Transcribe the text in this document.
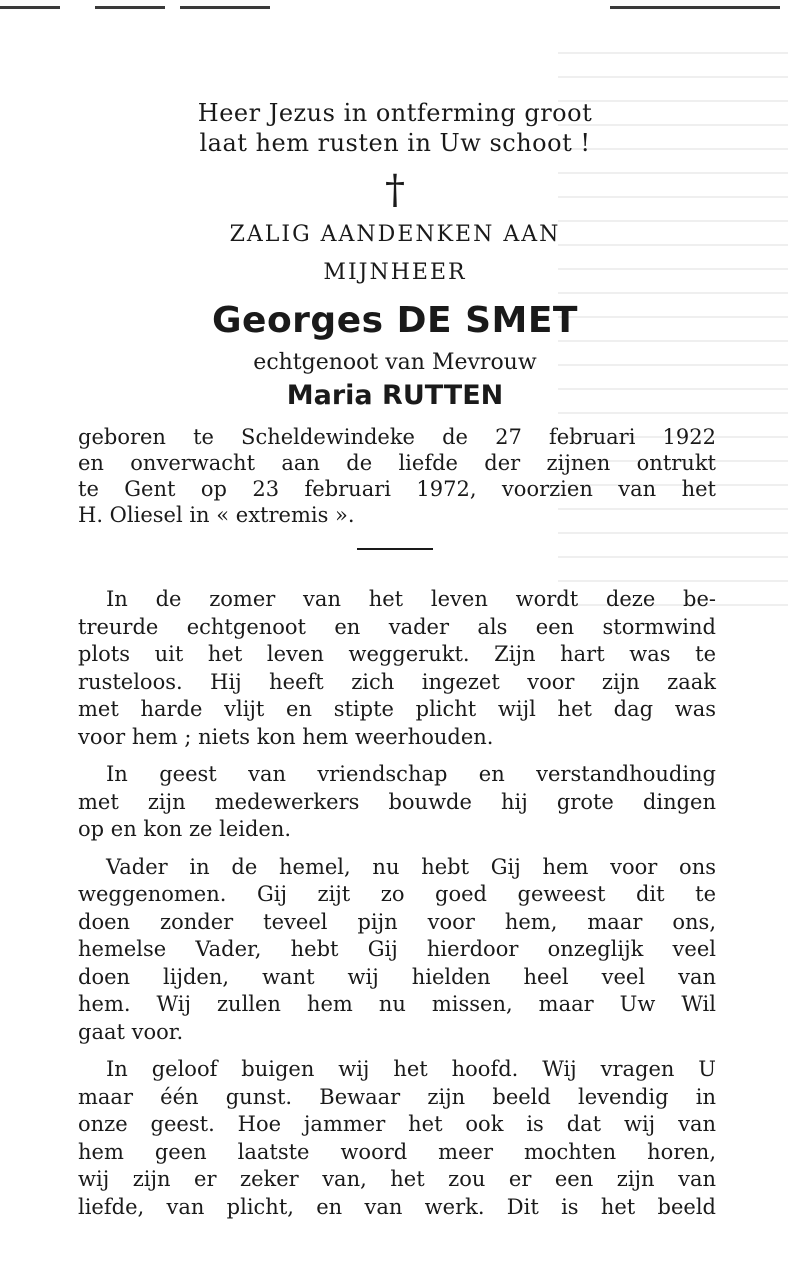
Heer Jezus in ontferming groot

laat hem rusten in Uw schoot !

†
ZALIG AANDENKEN AAN
MIJNHEER
Georges DE SMET
echtgenoot van Mevrouw
Maria RUTTEN

geboren te Scheldewindeke de 27 februari 1922

en onverwacht aan de liefde der zijnen ontrukt

te Gent op 23 februari 1972, voorzien van het

H. Oliesel in « extremis ».

In de zomer van het leven wordt deze be-
treurde echtgenoot en vader als een stormwind
plots uit het leven weggerukt. Zijn hart was te
rusteloos. Hij heeft zich ingezet voor zijn zaak
met harde vlijt en stipte plicht wijl het dag was
voor hem ; niets kon hem weerhouden.
In geest van vriendschap en verstandhouding
met zijn medewerkers bouwde hij grote dingen
op en kon ze leiden.
Vader in de hemel, nu hebt Gij hem voor ons
weggenomen. Gij zijt zo goed geweest dit te
doen zonder teveel pijn voor hem, maar ons,
hemelse Vader, hebt Gij hierdoor onzeglijk veel
doen lijden, want wij hielden heel veel van
hem. Wij zullen hem nu missen, maar Uw Wil
gaat voor.
In geloof buigen wij het hoofd. Wij vragen U
maar één gunst. Bewaar zijn beeld levendig in
onze geest. Hoe jammer het ook is dat wij van
hem geen laatste woord meer mochten horen,
wij zijn er zeker van, het zou er een zijn van
liefde, van plicht, en van werk. Dit is het beeld
